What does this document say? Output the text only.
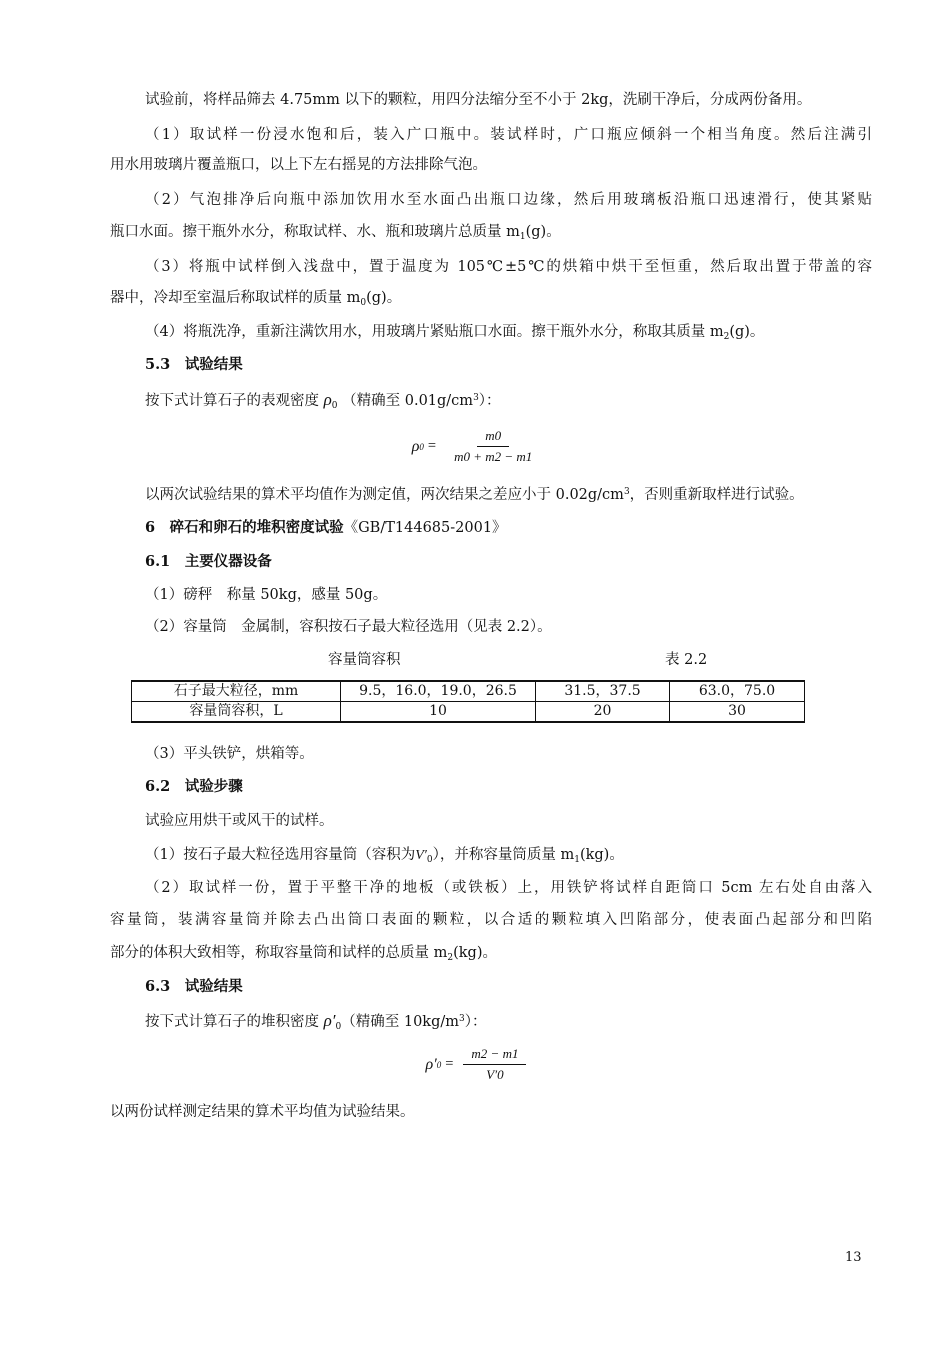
试验前，将样品筛去 4.75mm 以下的颗粒，用四分法缩分至不小于 2kg，洗刷干净后，分成两份备用。
（1）取试样一份浸水饱和后，装入广口瓶中。装试样时，广口瓶应倾斜一个相当角度。然后注满引
用水用玻璃片覆盖瓶口，以上下左右摇晃的方法排除气泡。
（2）气泡排净后向瓶中添加饮用水至水面凸出瓶口边缘，然后用玻璃板沿瓶口迅速滑行，使其紧贴
瓶口水面。擦干瓶外水分，称取试样、水、瓶和玻璃片总质量 $m_1(g)$。
（3）将瓶中试样倒入浅盘中，置于温度为 105℃±5℃的烘箱中烘干至恒重，然后取出置于带盖的容
器中，冷却至室温后称取试样的质量 $m_0(g)$。
（4）将瓶洗净，重新注满饮用水，用玻璃片紧贴瓶口水面。擦干瓶外水分，称取其质量 $m_2(g)$。
5.3　试验结果
按下式计算石子的表观密度 $\rho_0$ （精确至 $0.01g/cm^3$）：
ρ $0 = \frac{m0}{m0 + m2 - m1}$
以两次试验结果的算术平均值作为测定值，两次结果之差应小于 $0.02g/cm^3$，否则重新取样进行试验。
6　碎石和卵石的堆积密度试验《GB/T144685-2001》
6.1　主要仪器设备
（1）磅秤　称量 50kg，感量 50g。
（2）容量筒　金属制，容积按石子最大粒径选用（见表 2.2）。
容量筒容积	表 2.2
石子最大粒径，mm	9.5，16.0，19.0，26.5	31.5，37.5	63.0，75.0
容量筒容积，L	10	20	30
（3）平头铁铲，烘箱等。
6.2　试验步骤
试验应用烘干或风干的试样。
（1）按石子最大粒径选用容量筒（容积为$V'_0$），并称容量筒质量 $m_1(kg)$。
（2）取试样一份，置于平整干净的地板（或铁板）上，用铁铲将试样自距筒口 5cm 左右处自由落入
容量筒，装满容量筒并除去凸出筒口表面的颗粒，以合适的颗粒填入凹陷部分，使表面凸起部分和凹陷
部分的体积大致相等，称取容量筒和试样的总质量 $m_2(kg)$。
6.3　试验结果
按下式计算石子的堆积密度 $\rho'_0$（精确至 $10kg/m^3$）：
ρ′ $0 = \frac{m2 - m1}{V'0}$
以两份试样测定结果的算术平均值为试验结果。
13
